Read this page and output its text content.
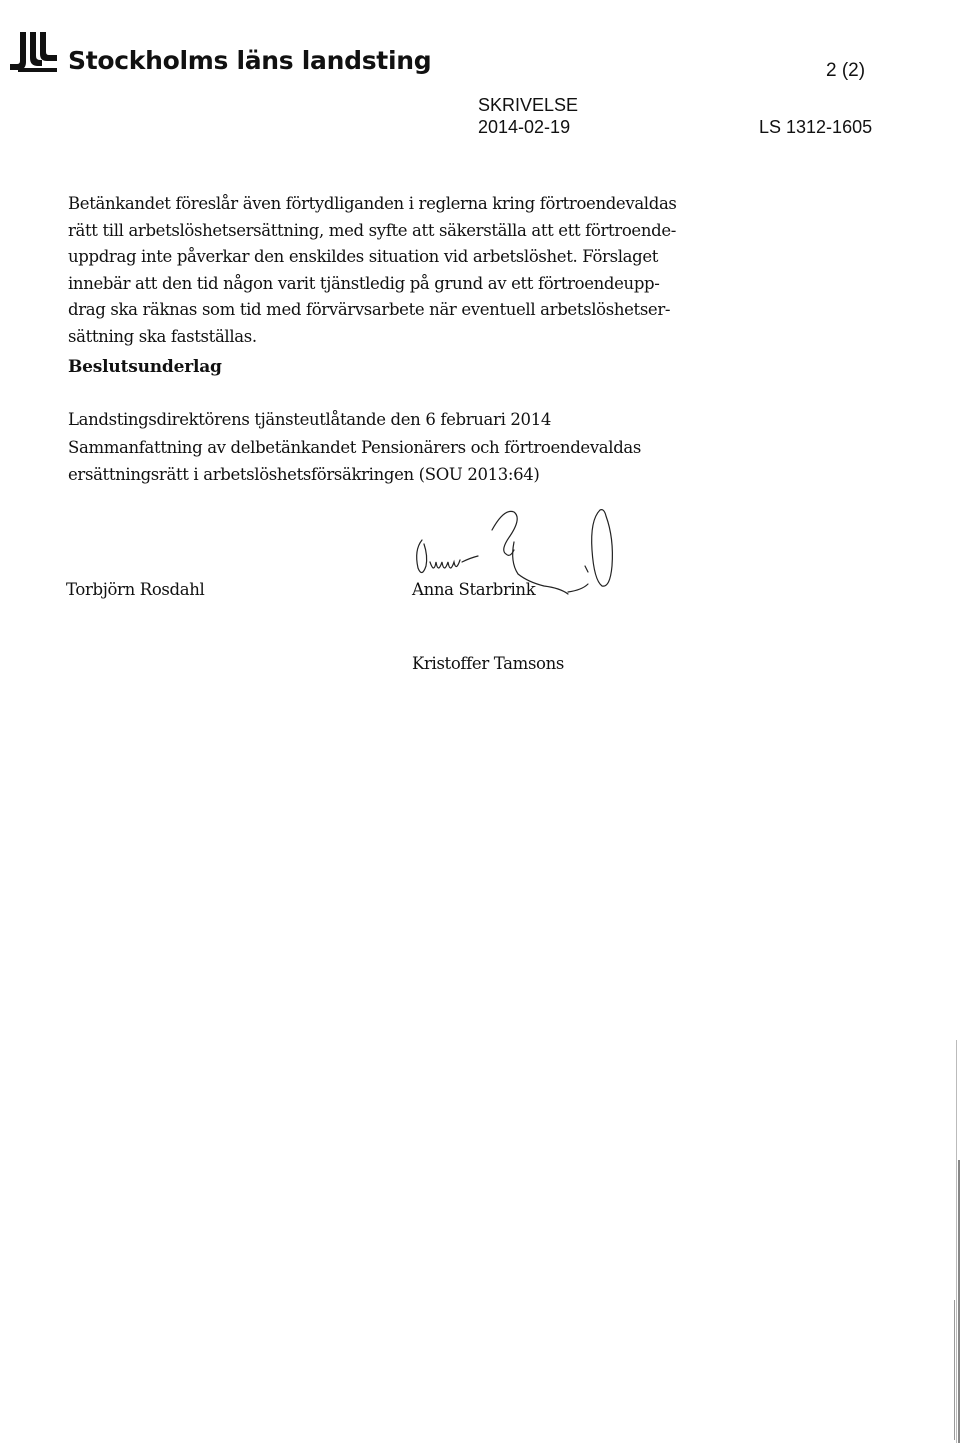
Stockholms läns landsting	2 (2)
SKRIVELSE
2014-02-19	LS 1312-1605

Betänkandet föreslår även förtydliganden i reglerna kring förtroendevaldas
rätt till arbetslöshetsersättning, med syfte att säkerställa att ett förtroende-
uppdrag inte påverkar den enskildes situation vid arbetslöshet. Förslaget
innebär att den tid någon varit tjänstledig på grund av ett förtroendeupp-
drag ska räknas som tid med förvärvsarbete när eventuell arbetslöshetser-
sättning ska fastställas.

Beslutsunderlag
Landstingsdirektörens tjänsteutlåtande den 6 februari 2014
Sammanfattning av delbetänkandet Pensionärers och förtroendevaldas
ersättningsrätt i arbetslöshetsförsäkringen (SOU 2013:64)
Torbjörn Rosdahl	Anna Starbrink
Kristoffer Tamsons
